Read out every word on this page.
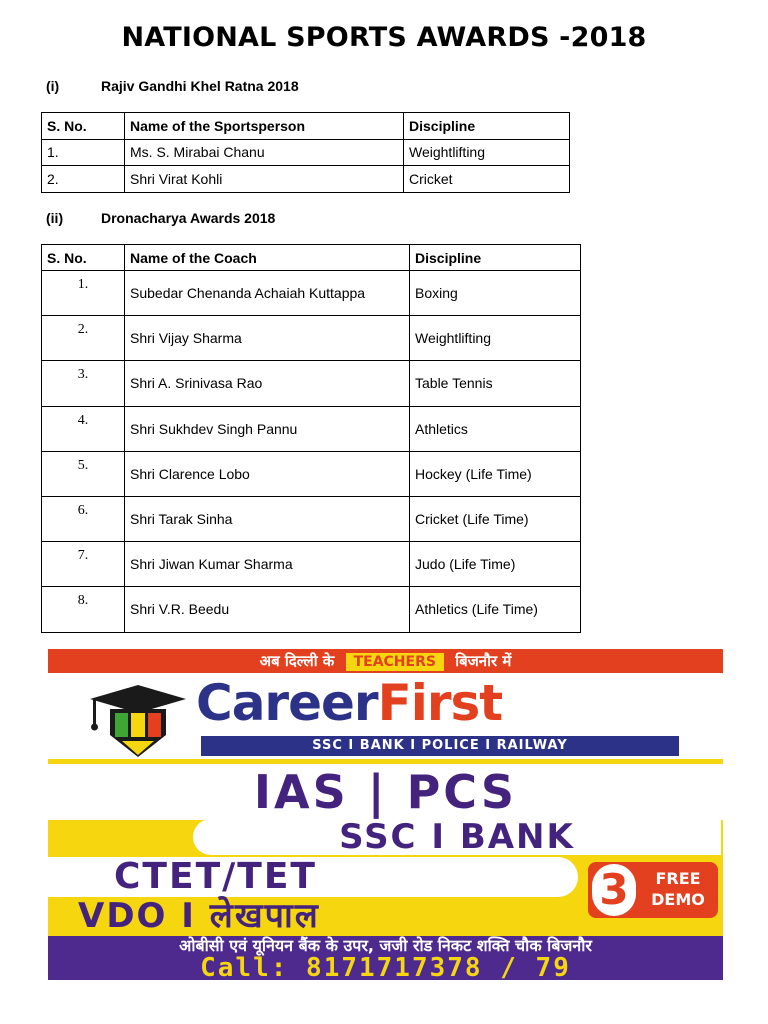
NATIONAL SPORTS AWARDS -2018
(i)	Rajiv Gandhi Khel Ratna 2018
S. No.	Name of the Sportsperson	Discipline
1.	Ms. S. Mirabai Chanu	Weightlifting
2.	Shri Virat Kohli	Cricket
(ii)	Dronacharya Awards 2018
S. No.	Name of the Coach	Discipline
1.	Subedar Chenanda Achaiah Kuttappa	Boxing
2.	Shri Vijay Sharma	Weightlifting
3.	Shri A. Srinivasa Rao	Table Tennis
4.	Shri Sukhdev Singh Pannu	Athletics
5.	Shri Clarence Lobo	Hockey (Life Time)
6.	Shri Tarak Sinha	Cricket (Life Time)
7.	Shri Jiwan Kumar Sharma	Judo (Life Time)
8.	Shri V.R. Beedu	Athletics (Life Time)
अब दिल्ली के TEACHERS बिजनौर में
CareerFirst
SSC I BANK I POLICE I RAILWAY
IAS | PCS
SSC I BANK
CTET/TET	3	FREE
DEMO
VDO I लेखपाल
ओबीसी एवं यूनियन बैंक के उपर, जजी रोड निकट शक्ति चौक बिजनौर
Call: 8171717378 / 79
